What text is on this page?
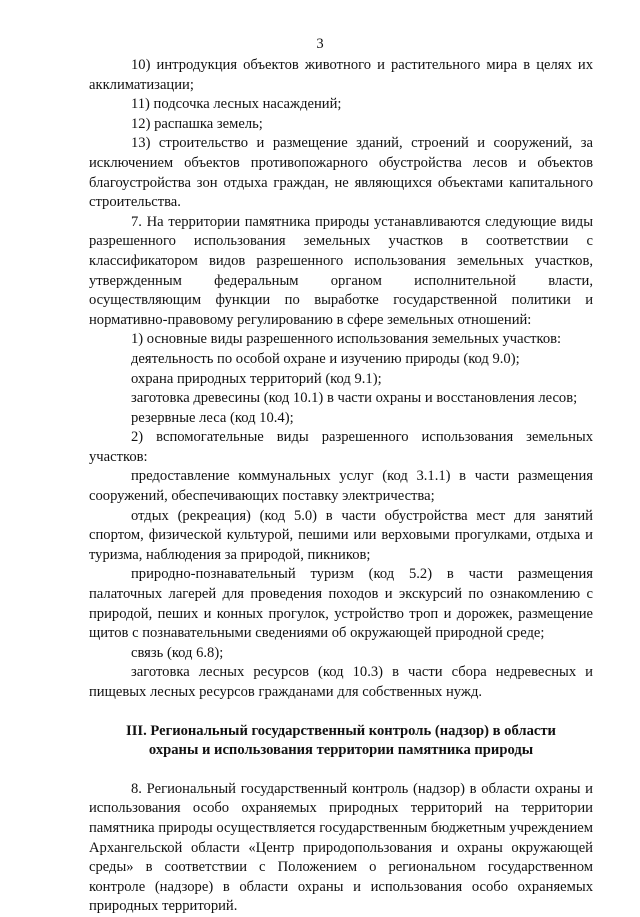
3

10) интродукция объектов животного и растительного мира в целях их акклиматизации;

11) подсочка лесных насаждений;

12) распашка земель;

13) строительство и размещение зданий, строений и сооружений, за исключением объектов противопожарного обустройства лесов и объектов благоустройства зон отдыха граждан, не являющихся объектами капитального строительства.

7. На территории памятника природы устанавливаются следующие виды разрешенного использования земельных участков в соответствии с классификатором видов разрешенного использования земельных участков, утвержденным федеральным органом исполнительной власти, осуществляющим функции по выработке государственной политики и нормативно-правовому регулированию в сфере земельных отношений:

1) основные виды разрешенного использования земельных участков:

деятельность по особой охране и изучению природы (код 9.0);

охрана природных территорий (код 9.1);

заготовка древесины (код 10.1) в части охраны и восстановления лесов;

резервные леса (код 10.4);

2) вспомогательные виды разрешенного использования земельных участков:

предоставление коммунальных услуг (код 3.1.1) в части размещения сооружений, обеспечивающих поставку электричества;

отдых (рекреация) (код 5.0) в части обустройства мест для занятий спортом, физической культурой, пешими или верховыми прогулками, отдыха и туризма, наблюдения за природой, пикников;

природно-познавательный туризм (код 5.2) в части размещения палаточных лагерей для проведения походов и экскурсий по ознакомлению с природой, пеших и конных прогулок, устройство троп и дорожек, размещение щитов с познавательными сведениями об окружающей природной среде;

связь (код 6.8);

заготовка лесных ресурсов (код 10.3) в части сбора недревесных и пищевых лесных ресурсов гражданами для собственных нужд.

III. Региональный государственный контроль (надзор) в области охраны и использования территории памятника природы

8. Региональный государственный контроль (надзор) в области охраны и использования особо охраняемых природных территорий на территории памятника природы осуществляется государственным бюджетным учреждением Архангельской области «Центр природопользования и охраны окружающей среды» в соответствии с Положением о региональном государственном контроле (надзоре) в области охраны и использования особо охраняемых природных территорий.
